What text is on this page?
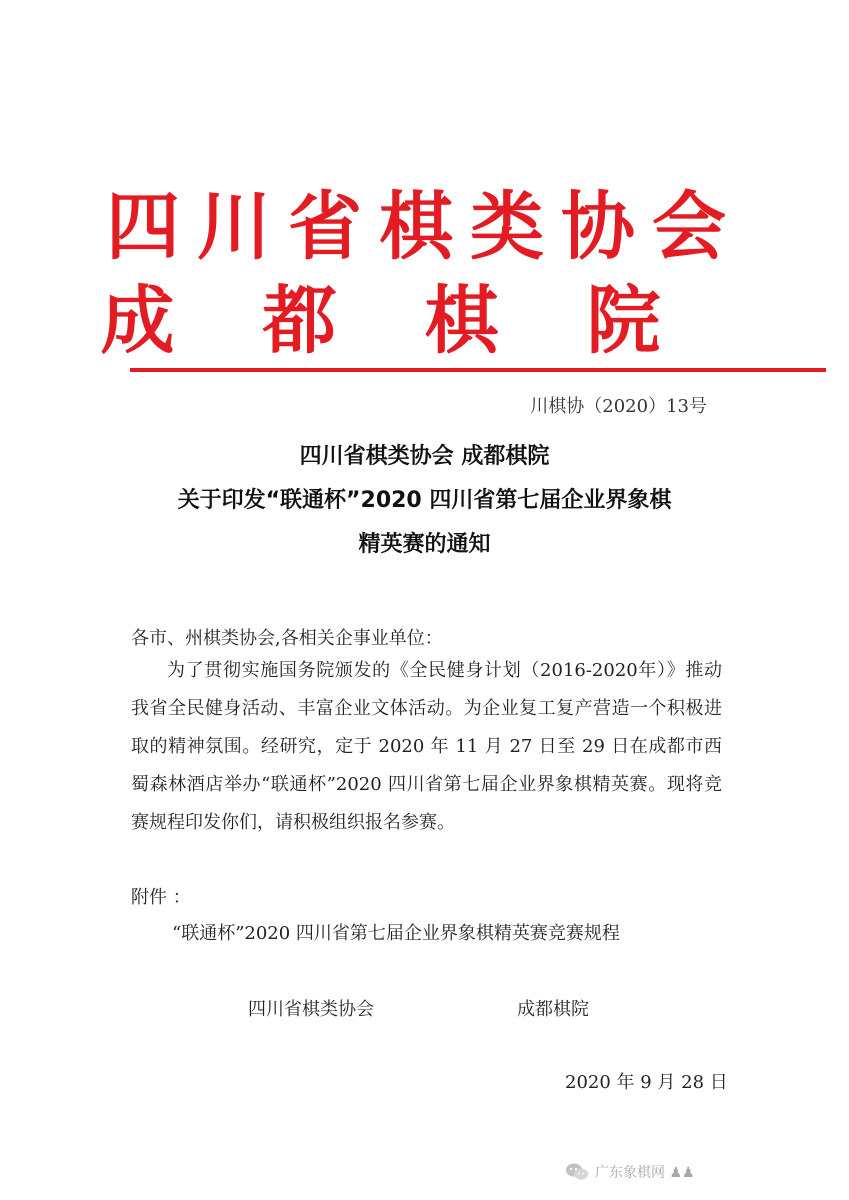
四川省棋类协会
成都棋院
川棋协（2020）13号
四川省棋类协会 成都棋院
关于印发“联通杯”2020 四川省第七届企业界象棋
精英赛的通知
各市、州棋类协会,各相关企事业单位：
为了贯彻实施国务院颁发的《全民健身计划（2016-2020年）》推动我省全民健身活动、丰富企业文体活动。为企业复工复产营造一个积极进取的精神氛围。经研究，定于 2020 年 11 月 27 日至 29 日在成都市西蜀森林酒店举办“联通杯”2020 四川省第七届企业界象棋精英赛。现将竞赛规程印发你们，请积极组织报名参赛。
附件 ：
“联通杯”2020 四川省第七届企业界象棋精英赛竞赛规程
四川省棋类协会	成都棋院
2020 年 9 月 28 日
广东象棋网 ♟♟
